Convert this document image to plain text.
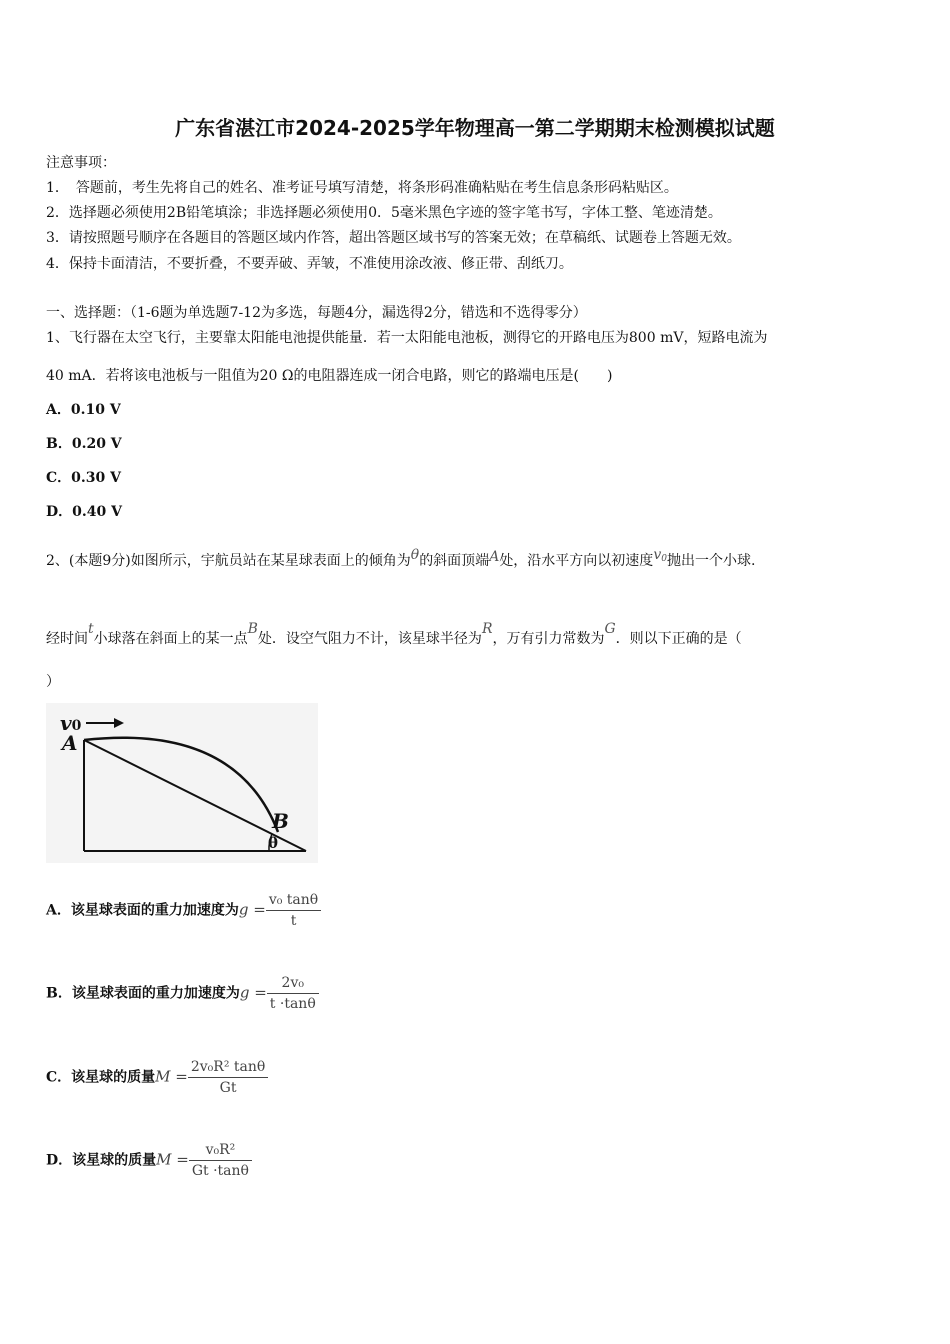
广东省湛江市2024-2025学年物理高一第二学期期末检测模拟试题
注意事项：
1．　答题前，考生先将自己的姓名、准考证号填写清楚，将条形码准确粘贴在考生信息条形码粘贴区。
2．选择题必须使用2B铅笔填涂；非选择题必须使用0．5毫米黑色字迹的签字笔书写，字体工整、笔迹清楚。
3．请按照题号顺序在各题目的答题区域内作答，超出答题区域书写的答案无效；在草稿纸、试题卷上答题无效。
4．保持卡面清洁，不要折叠，不要弄破、弄皱，不准使用涂改液、修正带、刮纸刀。
一、选择题：（1-6题为单选题7-12为多选，每题4分，漏选得2分，错选和不选得零分）
1、飞行器在太空飞行，主要靠太阳能电池提供能量．若一太阳能电池板，测得它的开路电压为800 mV，短路电流为
40 mA．若将该电池板与一阻值为20 Ω的电阻器连成一闭合电路，则它的路端电压是(　　)
A．0.10 V
B．0.20 V
C．0.30 V
D．0.40 V
2、(本题9分)如图所示，宇航员站在某星球表面上的倾角为θ的斜面顶端A处，沿水平方向以初速度$v_0$抛出一个小球.
经时间t小球落在斜面上的某一点B处．设空气阻力不计，该星球半径为R，万有引力常数为G．则以下正确的是（
）
v0
A
B
θ
A．该星球表面的重力加速度为$g = \frac{\text{v₀ tanθ}}{t}$
B．该星球表面的重力加速度为$g = \frac{\text{2v₀}}{t \cdot\tan\theta}$
C．该星球的质量$M = \frac{\text{2v₀R² tanθ}}{Gt}$
D．该星球的质量$M = \frac{\text{v₀R²}}{Gt \cdot\tan\theta}$
